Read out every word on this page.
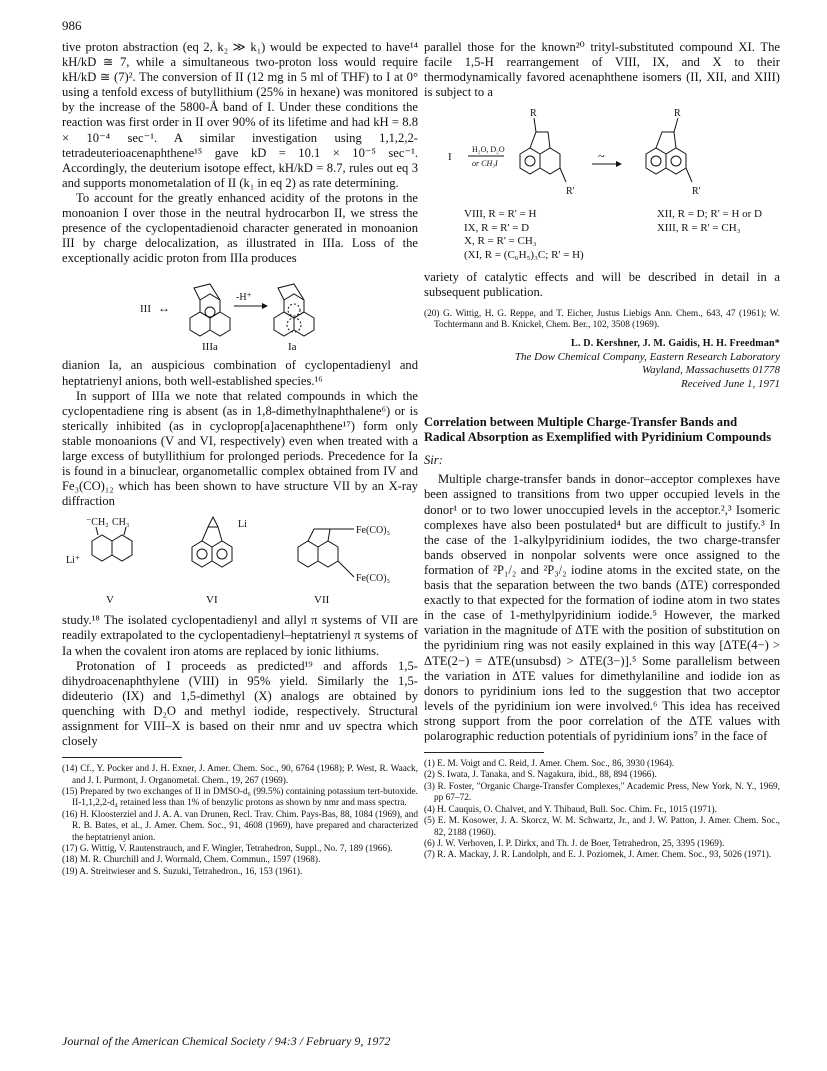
986

tive proton abstraction (eq 2, k₂ ≫ k₁) would be expected to have¹⁴ kH/kD ≅ 7, while a simultaneous two-proton loss would require kH/kD ≅ (7)². The conversion of II (12 mg in 5 ml of THF) to I at 0° using a tenfold excess of butyllithium (25% in hexane) was monitored by the increase of the 5800-Å band of I. Under these conditions the reaction was first order in II over 90% of its lifetime and had kH = 8.8 × 10⁻⁴ sec⁻¹. A similar investigation using 1,1,2,2-tetradeuterioacenaphthene¹⁵ gave kD = 10.1 × 10⁻⁵ sec⁻¹. Accordingly, the deuterium isotope effect, kH/kD = 8.7, rules out eq 3 and supports monometalation of II (k₁ in eq 2) as rate determining.

To account for the greatly enhanced acidity of the protons in the monoanion I over those in the neutral hydrocarbon II, we stress the presence of the cyclopentadienoid character generated in monoanion III by charge delocalization, as illustrated in IIIa. Loss of the exceptionally acidic proton from IIIa produces

III ↔
-H⁺
IIIa	Ia

dianion Ia, an auspicious combination of cyclopentadienyl and heptatrienyl anions, both well-established species.¹⁶

In support of IIIa we note that related compounds in which the cyclopentadiene ring is absent (as in 1,8-dimethylnaphthalene⁶) or is sterically inhibited (as in cycloprop[a]acenaphthene¹⁷) form only stable monoanions (V and VI, respectively) even when treated with a large excess of butyllithium for prolonged periods. Precedence for Ia is found in a binuclear, organometallic complex obtained from IV and Fe₃(CO)₁₂ which has been shown to have structure VII by an X-ray diffraction

⁻CH₂ CH₃
Li⁺
Li
Fe(CO)₃
Fe(CO)₃
V	VI	VII

study.¹⁸ The isolated cyclopentadienyl and allyl π systems of VII are readily extrapolated to the cyclopentadienyl–heptatrienyl π systems of Ia when the covalent iron atoms are replaced by ionic lithiums.

Protonation of I proceeds as predicted¹⁹ and affords 1,5-dihydroacenaphthylene (VIII) in 95% yield. Similarly the 1,5-dideuterio (IX) and 1,5-dimethyl (X) analogs are obtained by quenching with D₂O and methyl iodide, respectively. Structural assignment for VIII–X is based on their nmr and uv spectra which closely

(14) Cf., Y. Pocker and J. H. Exner, J. Amer. Chem. Soc., 90, 6764 (1968); P. West, R. Waack, and J. I. Purmont, J. Organometal. Chem., 19, 267 (1969).

(15) Prepared by two exchanges of II in DMSO-d₆ (99.5%) containing potassium tert-butoxide. II-1,1,2,2-d₄ retained less than 1% of benzylic protons as shown by nmr and mass spectra.

(16) H. Kloosterziel and J. A. A. van Drunen, Recl. Trav. Chim. Pays-Bas, 88, 1084 (1969), and R. B. Bates, et al., J. Amer. Chem. Soc., 91, 4608 (1969), have prepared and characterized the heptatrienyl anion.

(17) G. Wittig, V. Rautenstrauch, and F. Wingler, Tetrahedron, Suppl., No. 7, 189 (1966).

(18) M. R. Churchill and J. Wormald, Chem. Commun., 1597 (1968).

(19) A. Streitwieser and S. Suzuki, Tetrahedron., 16, 153 (1961).

parallel those for the known²⁰ trityl-substituted compound XI. The facile 1,5-H rearrangement of VIII, IX, and X to their thermodynamically favored acenaphthene isomers (II, XII, and XIII) is subject to a

I
H₂O, D₂O
or CH₃I
R
R'
~
R
R'
VIII, R = R' = H
IX, R = R' = D
X, R = R' = CH₃
(XI, R = (C₆H₅)₃C; R' = H)
XII, R = D; R' = H or D
XIII, R = R' = CH₃

variety of catalytic effects and will be described in detail in a subsequent publication.

(20) G. Wittig, H. G. Reppe, and T. Eicher, Justus Liebigs Ann. Chem., 643, 47 (1961); W. Tochtermann and B. Knickel, Chem. Ber., 102, 3508 (1969).

L. D. Kershner, J. M. Gaidis, H. H. Freedman*
The Dow Chemical Company, Eastern Research Laboratory
Wayland, Massachusetts 01778
Received June 1, 1971
Correlation between Multiple Charge-Transfer Bands and Radical Absorption as Exemplified with Pyridinium Compounds
Sir:

Multiple charge-transfer bands in donor–acceptor complexes have been assigned to transitions from two upper occupied levels in the donor¹ or to two lower unoccupied levels in the acceptor.²,³ Isomeric complexes have also been postulated⁴ but are difficult to justify.³ In the case of the 1-alkylpyridinium iodides, the two charge-transfer bands observed in nonpolar solvents were once assigned to the formation of ²P₁/₂ and ²P₃/₂ iodine atoms in the excited state, on the basis that the separation between the two bands (ΔTE) corresponded exactly to that expected for the formation of iodine atom in two states in the case of 1-methylpyridinium iodide.⁵ However, the marked variation in the magnitude of ΔTE with the position of substitution on the pyridinium ring was not easily explained in this way [ΔTE(4−) > ΔTE(2−) = ΔTE(unsubsd) > ΔTE(3−)].⁵ Some parallelism between the variation in ΔTE values for dimethylaniline and iodide ion as donors to pyridinium ions led to the suggestion that two acceptor levels of the pyridinium ion were involved.⁶ This idea has received strong support from the poor correlation of the ΔTE values with polarographic reduction potentials of pyridinium ions⁷ in the face of

(1) E. M. Voigt and C. Reid, J. Amer. Chem. Soc., 86, 3930 (1964).

(2) S. Iwata, J. Tanaka, and S. Nagakura, ibid., 88, 894 (1966).

(3) R. Foster, "Organic Charge-Transfer Complexes," Academic Press, New York, N. Y., 1969, pp 67–72.

(4) H. Cauquis, O. Chalvet, and Y. Thibaud, Bull. Soc. Chim. Fr., 1015 (1971).

(5) E. M. Kosower, J. A. Skorcz, W. M. Schwartz, Jr., and J. W. Patton, J. Amer. Chem. Soc., 82, 2188 (1960).

(6) J. W. Verhoven, I. P. Dirkx, and Th. J. de Boer, Tetrahedron, 25, 3395 (1969).

(7) R. A. Mackay, J. R. Landolph, and E. J. Poziomek, J. Amer. Chem. Soc., 93, 5026 (1971).

Journal of the American Chemical Society / 94:3 / February 9, 1972
